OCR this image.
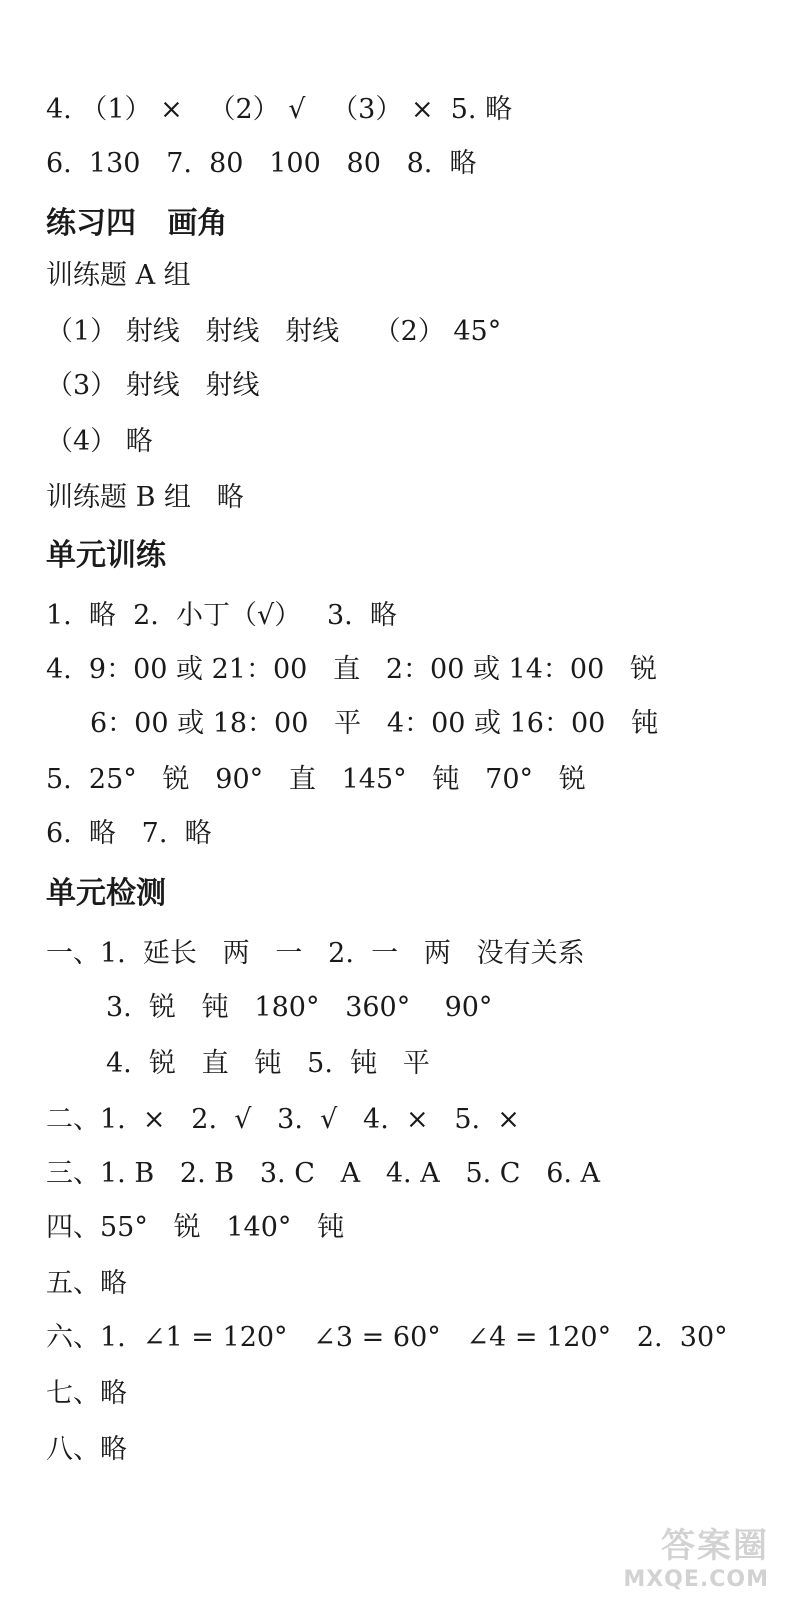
4. （1） ×   （2） √   （3） ×  5. 略
6.  130   7.  80   100   80   8.  略
练习四   画角
训练题 A 组
（1） 射线   射线   射线    （2） 45°
（3） 射线   射线
（4） 略
训练题 B 组   略
单元训练
1.  略  2.  小丁（√）   3.  略
4.  9：00 或 21：00   直   2：00 或 14：00   锐
6：00 或 18：00   平   4：00 或 16：00   钝
5.  25°   锐   90°   直   145°   钝   70°   锐
6.  略   7.  略
单元检测
一、1.  延长   两   一   2.  一   两   没有关系
3.  锐   钝   180°   360°    90°
4.  锐   直   钝   5.  钝   平
二、1.  ×   2.  √   3.  √   4.  ×   5.  ×
三、1. B   2. B   3. C   A   4. A   5. C   6. A
四、55°   锐   140°   钝
五、略
六、1.  ∠1 = 120°   ∠3 = 60°   ∠4 = 120°   2.  30°
七、略
八、略
答案圈
MXQE.COM
